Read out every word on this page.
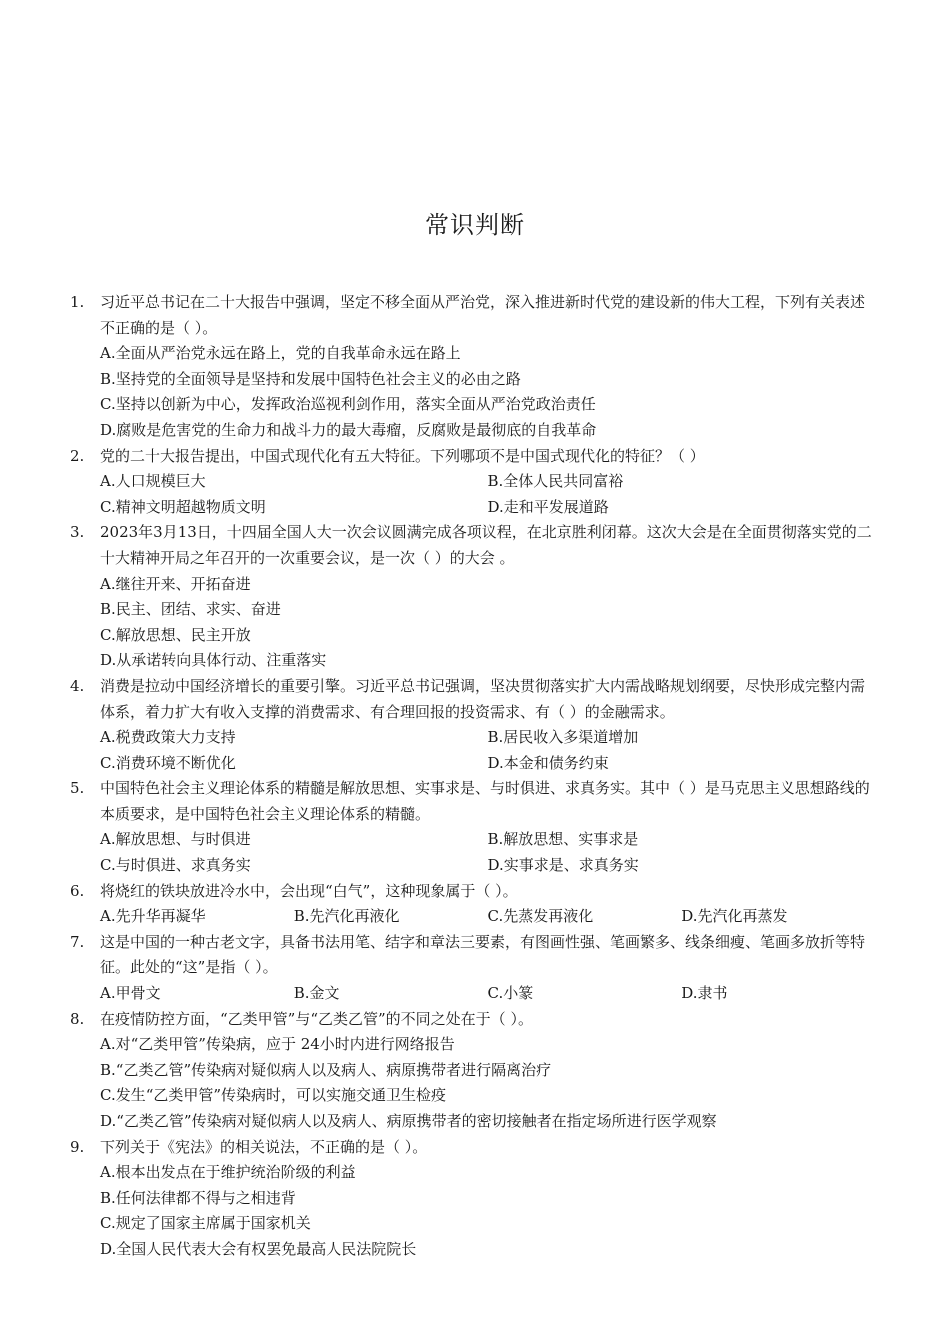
常识判断
1.	习近平总书记在二十大报告中强调，坚定不移全面从严治党，深入推进新时代党的建设新的伟大工程，下列有关表述不正确的是（ ）。
A.全面从严治党永远在路上，党的自我革命永远在路上
B.坚持党的全面领导是坚持和发展中国特色社会主义的必由之路
C.坚持以创新为中心，发挥政治巡视利剑作用，落实全面从严治党政治责任
D.腐败是危害党的生命力和战斗力的最大毒瘤，反腐败是最彻底的自我革命
2.	党的二十大报告提出，中国式现代化有五大特征。下列哪项不是中国式现代化的特征？（ ）
A.人口规模巨大	B.全体人民共同富裕
C.精神文明超越物质文明	D.走和平发展道路
3.	2023年3月13日，十四届全国人大一次会议圆满完成各项议程，在北京胜利闭幕。这次大会是在全面贯彻落实党的二十大精神开局之年召开的一次重要会议，是一次（ ）的大会 。
A.继往开来、开拓奋进
B.民主、团结、求实、奋进
C.解放思想、民主开放
D.从承诺转向具体行动、注重落实
4.	消费是拉动中国经济增长的重要引擎。习近平总书记强调，坚决贯彻落实扩大内需战略规划纲要，尽快形成完整内需体系，着力扩大有收入支撑的消费需求、有合理回报的投资需求、有（ ）的金融需求。
A.税费政策大力支持	B.居民收入多渠道增加
C.消费环境不断优化	D.本金和债务约束
5.	中国特色社会主义理论体系的精髓是解放思想、实事求是、与时俱进、求真务实。其中（ ）是马克思主义思想路线的本质要求，是中国特色社会主义理论体系的精髓。
A.解放思想、与时俱进	B.解放思想、实事求是
C.与时俱进、求真务实	D.实事求是、求真务实
6.	将烧红的铁块放进冷水中，会出现“白气”，这种现象属于（ ）。
A.先升华再凝华	B.先汽化再液化	C.先蒸发再液化	D.先汽化再蒸发
7.	这是中国的一种古老文字，具备书法用笔、结字和章法三要素，有图画性强、笔画繁多、线条细瘦、笔画多放折等特征。此处的“这”是指（ ）。
A.甲骨文	B.金文	C.小篆	D.隶书
8.	在疫情防控方面，“乙类甲管”与“乙类乙管”的不同之处在于（ ）。
A.对“乙类甲管”传染病，应于 24小时内进行网络报告
B.“乙类乙管”传染病对疑似病人以及病人、病原携带者进行隔离治疗
C.发生“乙类甲管”传染病时，可以实施交通卫生检疫
D.“乙类乙管”传染病对疑似病人以及病人、病原携带者的密切接触者在指定场所进行医学观察
9.	下列关于《宪法》的相关说法，不正确的是（ ）。
A.根本出发点在于维护统治阶级的利益
B.任何法律都不得与之相违背
C.规定了国家主席属于国家机关
D.全国人民代表大会有权罢免最高人民法院院长
